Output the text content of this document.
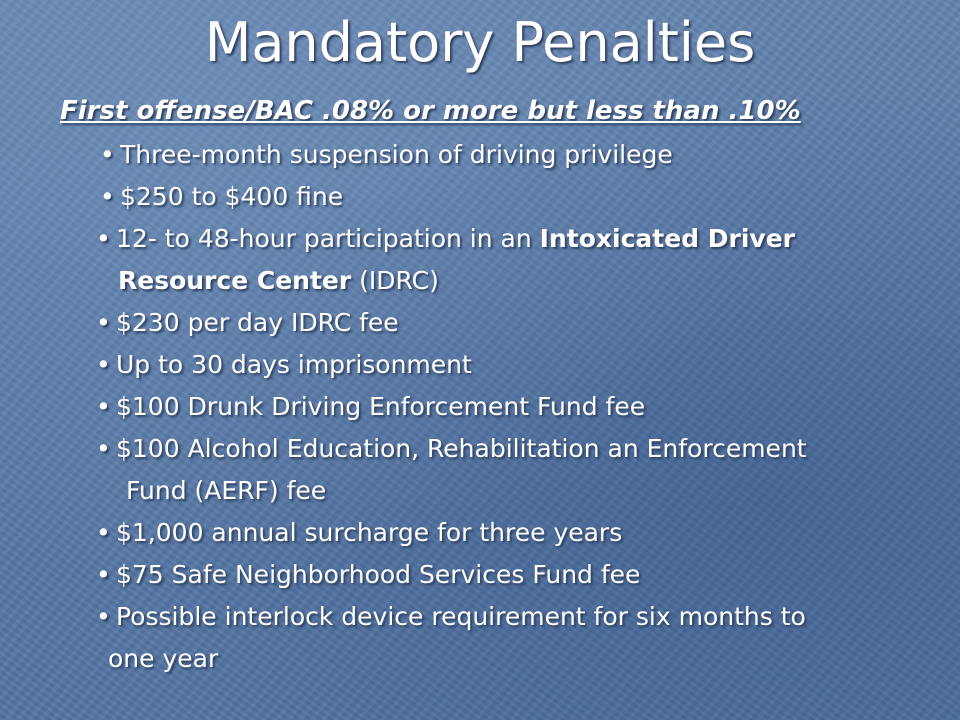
Mandatory Penalties
First offense/BAC .08% or more but less than .10%
• Three-month suspension of driving privilege
• $250 to $400 fine
• 12- to 48-hour participation in an Intoxicated Driver
Resource Center (IDRC)
• $230 per day IDRC fee
• Up to 30 days imprisonment
• $100 Drunk Driving Enforcement Fund fee
• $100 Alcohol Education, Rehabilitation an Enforcement
Fund (AERF) fee
• $1,000 annual surcharge for three years
• $75 Safe Neighborhood Services Fund fee
• Possible interlock device requirement for six months to
one year
